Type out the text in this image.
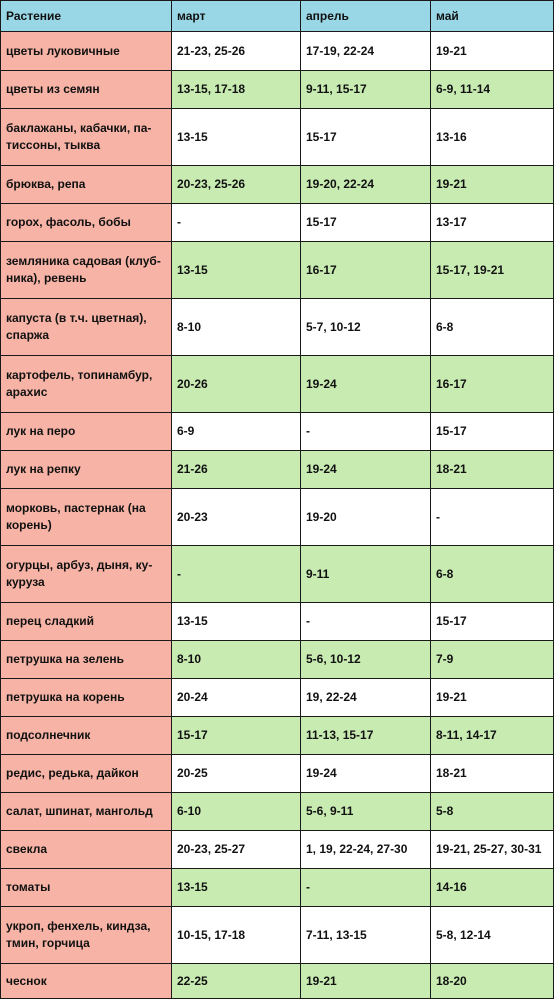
Растение	март	апрель	май
цветы луковичные	21-23, 25-26	17-19, 22-24	19-21
цветы из семян	13-15, 17-18	9-11, 15-17	6-9, 11-14
баклажаны, кабачки, па-тиссоны, тыква	13-15	15-17	13-16
брюква, репа	20-23, 25-26	19-20, 22-24	19-21
горох, фасоль, бобы	-	15-17	13-17
земляника садовая (клуб-ника), ревень	13-15	16-17	15-17, 19-21
капуста (в т.ч. цветная), спаржа	8-10	5-7, 10-12	6-8
картофель, топинамбур, арахис	20-26	19-24	16-17
лук на перо	6-9	-	15-17
лук на репку	21-26	19-24	18-21
морковь, пастернак (на корень)	20-23	19-20	-
огурцы, арбуз, дыня, ку-куруза	-	9-11	6-8
перец сладкий	13-15	-	15-17
петрушка на зелень	8-10	5-6, 10-12	7-9
петрушка на корень	20-24	19, 22-24	19-21
подсолнечник	15-17	11-13, 15-17	8-11, 14-17
редис, редька, дайкон	20-25	19-24	18-21
салат, шпинат, мангольд	6-10	5-6, 9-11	5-8
свекла	20-23, 25-27	1, 19, 22-24, 27-30	19-21, 25-27, 30-31
томаты	13-15	-	14-16
укроп, фенхель, киндза, тмин, горчица	10-15, 17-18	7-11, 13-15	5-8, 12-14
чеснок	22-25	19-21	18-20
